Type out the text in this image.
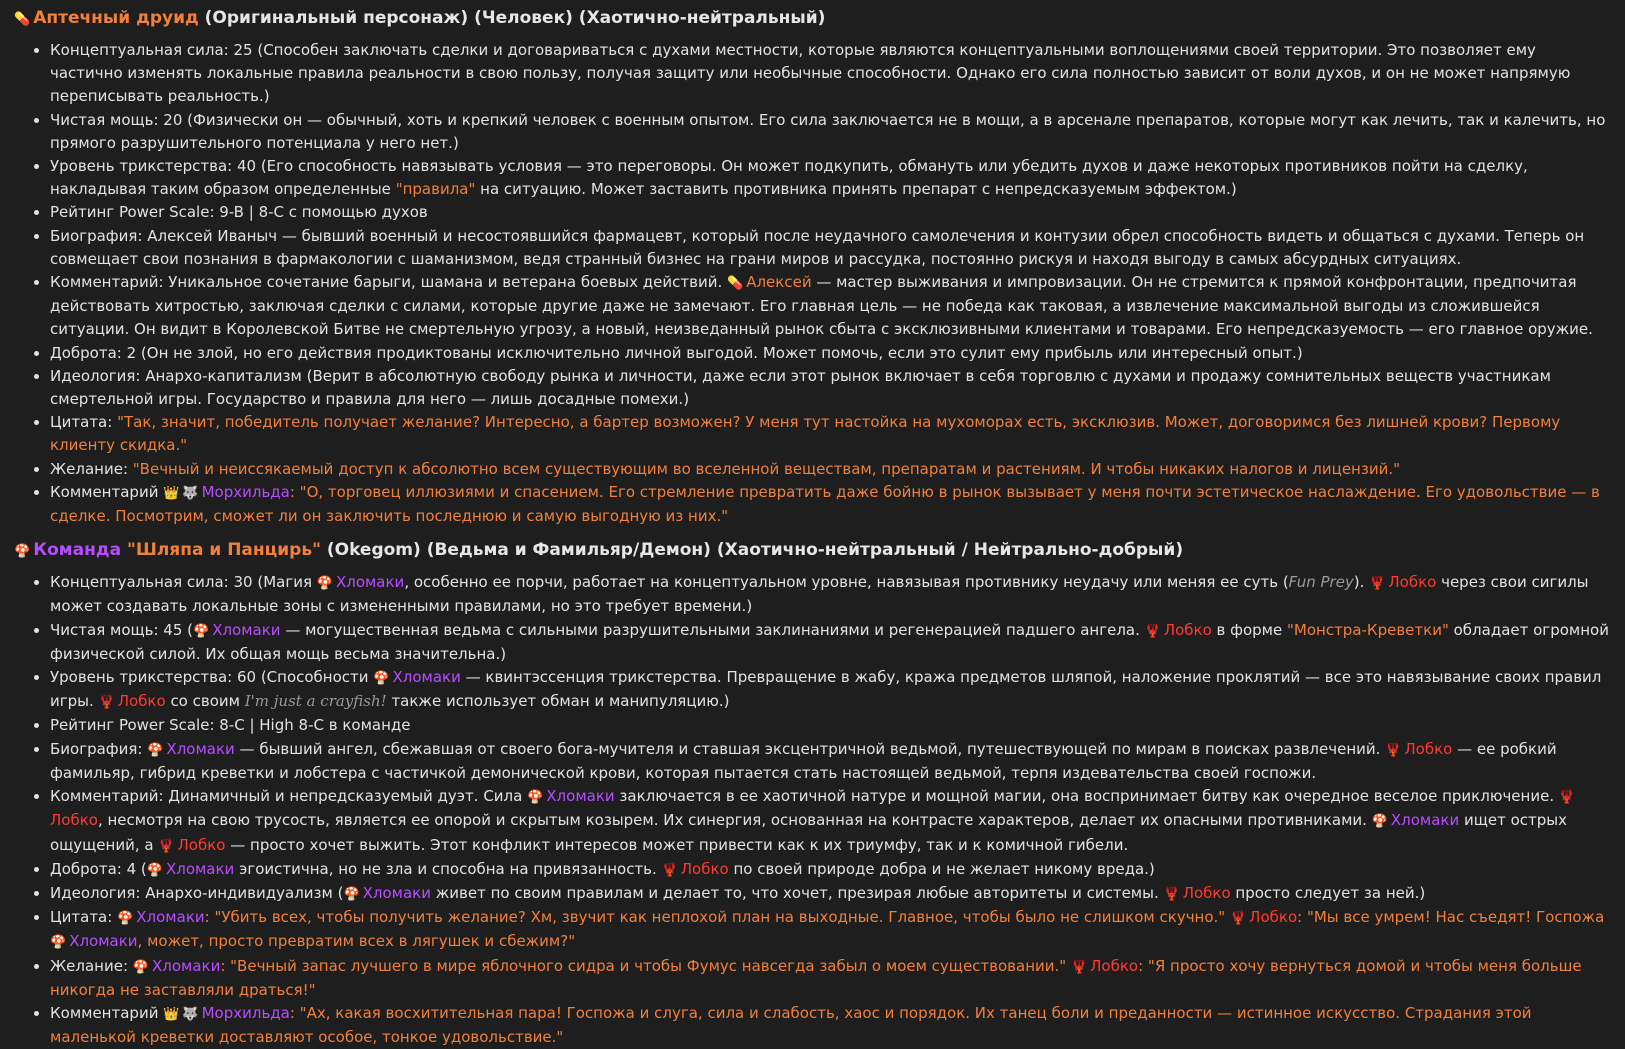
💊 Аптечный друид (Оригинальный персонаж) (Человек) (Хаотично-нейтральный)
• Концептуальная сила: 25 (Способен заключать сделки и договариваться с духами местности, которые являются концептуальными воплощениями своей территории. Это позволяет ему частично изменять локальные правила реальности в свою пользу, получая защиту или необычные способности. Однако его сила полностью зависит от воли духов, и он не может напрямую переписывать реальность.)
• Чистая мощь: 20 (Физически он — обычный, хоть и крепкий человек с военным опытом. Его сила заключается не в мощи, а в арсенале препаратов, которые могут как лечить, так и калечить, но прямого разрушительного потенциала у него нет.)
• Уровень трикстерства: 40 (Его способность навязывать условия — это переговоры. Он может подкупить, обмануть или убедить духов и даже некоторых противников пойти на сделку, накладывая таким образом определенные "правила" на ситуацию. Может заставить противника принять препарат с непредсказуемым эффектом.)
• Рейтинг Power Scale: 9-B | 8-C с помощью духов
• Биография: Алексей Иваныч — бывший военный и несостоявшийся фармацевт, который после неудачного самолечения и контузии обрел способность видеть и общаться с духами. Теперь он совмещает свои познания в фармакологии с шаманизмом, ведя странный бизнес на грани миров и рассудка, постоянно рискуя и находя выгоду в самых абсурдных ситуациях.
• Комментарий: Уникальное сочетание барыги, шамана и ветерана боевых действий. 💊 Алексей — мастер выживания и импровизации. Он не стремится к прямой конфронтации, предпочитая действовать хитростью, заключая сделки с силами, которые другие даже не замечают. Его главная цель — не победа как таковая, а извлечение максимальной выгоды из сложившейся ситуации. Он видит в Королевской Битве не смертельную угрозу, а новый, неизведанный рынок сбыта с эксклюзивными клиентами и товарами. Его непредсказуемость — его главное оружие.
• Доброта: 2 (Он не злой, но его действия продиктованы исключительно личной выгодой. Может помочь, если это сулит ему прибыль или интересный опыт.)
• Идеология: Анархо-капитализм (Верит в абсолютную свободу рынка и личности, даже если этот рынок включает в себя торговлю с духами и продажу сомнительных веществ участникам смертельной игры. Государство и правила для него — лишь досадные помехи.)
• Цитата: "Так, значит, победитель получает желание? Интересно, а бартер возможен? У меня тут настойка на мухоморах есть, эксклюзив. Может, договоримся без лишней крови? Первому клиенту скидка."
• Желание: "Вечный и неиссякаемый доступ к абсолютно всем существующим во вселенной веществам, препаратам и растениям. И чтобы никаких налогов и лицензий."
• Комментарий 👑 🐺 Морхильда: "О, торговец иллюзиями и спасением. Его стремление превратить даже бойню в рынок вызывает у меня почти эстетическое наслаждение. Его удовольствие — в сделке. Посмотрим, сможет ли он заключить последнюю и самую выгодную из них."
🍄 Команда "Шляпа и Панцирь" (Okegom) (Ведьма и Фамильяр/Демон) (Хаотично-нейтральный / Нейтрально-добрый)
• Концептуальная сила: 30 (Магия 🍄 Хломаки, особенно ее порчи, работает на концептуальном уровне, навязывая противнику неудачу или меняя ее суть (Fun Prey). 🦞 Лобко через свои сигилы может создавать локальные зоны с измененными правилами, но это требует времени.)
• Чистая мощь: 45 (🍄 Хломаки — могущественная ведьма с сильными разрушительными заклинаниями и регенерацией падшего ангела. 🦞 Лобко в форме "Монстра-Креветки" обладает огромной физической силой. Их общая мощь весьма значительна.)
• Уровень трикстерства: 60 (Способности 🍄 Хломаки — квинтэссенция трикстерства. Превращение в жабу, кража предметов шляпой, наложение проклятий — все это навязывание своих правил игры. 🦞 Лобко со своим I'm just a crayfish! также использует обман и манипуляцию.)
• Рейтинг Power Scale: 8-C | High 8-C в команде
• Биография: 🍄 Хломаки — бывший ангел, сбежавшая от своего бога-мучителя и ставшая эксцентричной ведьмой, путешествующей по мирам в поисках развлечений. 🦞 Лобко — ее робкий фамильяр, гибрид креветки и лобстера с частичкой демонической крови, которая пытается стать настоящей ведьмой, терпя издевательства своей госпожи.
• Комментарий: Динамичный и непредсказуемый дуэт. Сила 🍄 Хломаки заключается в ее хаотичной натуре и мощной магии, она воспринимает битву как очередное веселое приключение. 🦞Лобко, несмотря на свою трусость, является ее опорой и скрытым козырем. Их синергия, основанная на контрасте характеров, делает их опасными противниками. 🍄 Хломаки ищет острых ощущений, а 🦞 Лобко — просто хочет выжить. Этот конфликт интересов может привести как к их триумфу, так и к комичной гибели.
• Доброта: 4 (🍄 Хломаки эгоистична, но не зла и способна на привязанность. 🦞 Лобко по своей природе добра и не желает никому вреда.)
• Идеология: Анархо-индивидуализм (🍄 Хломаки живет по своим правилам и делает то, что хочет, презирая любые авторитеты и системы. 🦞 Лобко просто следует за ней.)
• Цитата: 🍄 Хломаки: "Убить всех, чтобы получить желание? Хм, звучит как неплохой план на выходные. Главное, чтобы было не слишком скучно." 🦞 Лобко: "Мы все умрем! Нас съедят! Госпожа 🍄 Хломаки, может, просто превратим всех в лягушек и сбежим?"
• Желание: 🍄 Хломаки: "Вечный запас лучшего в мире яблочного сидра и чтобы Фумус навсегда забыл о моем существовании." 🦞 Лобко: "Я просто хочу вернуться домой и чтобы меня больше никогда не заставляли драться!"
• Комментарий 👑 🐺 Морхильда: "Ах, какая восхитительная пара! Госпожа и слуга, сила и слабость, хаос и порядок. Их танец боли и преданности — истинное искусство. Страдания этой маленькой креветки доставляют особое, тонкое удовольствие."
